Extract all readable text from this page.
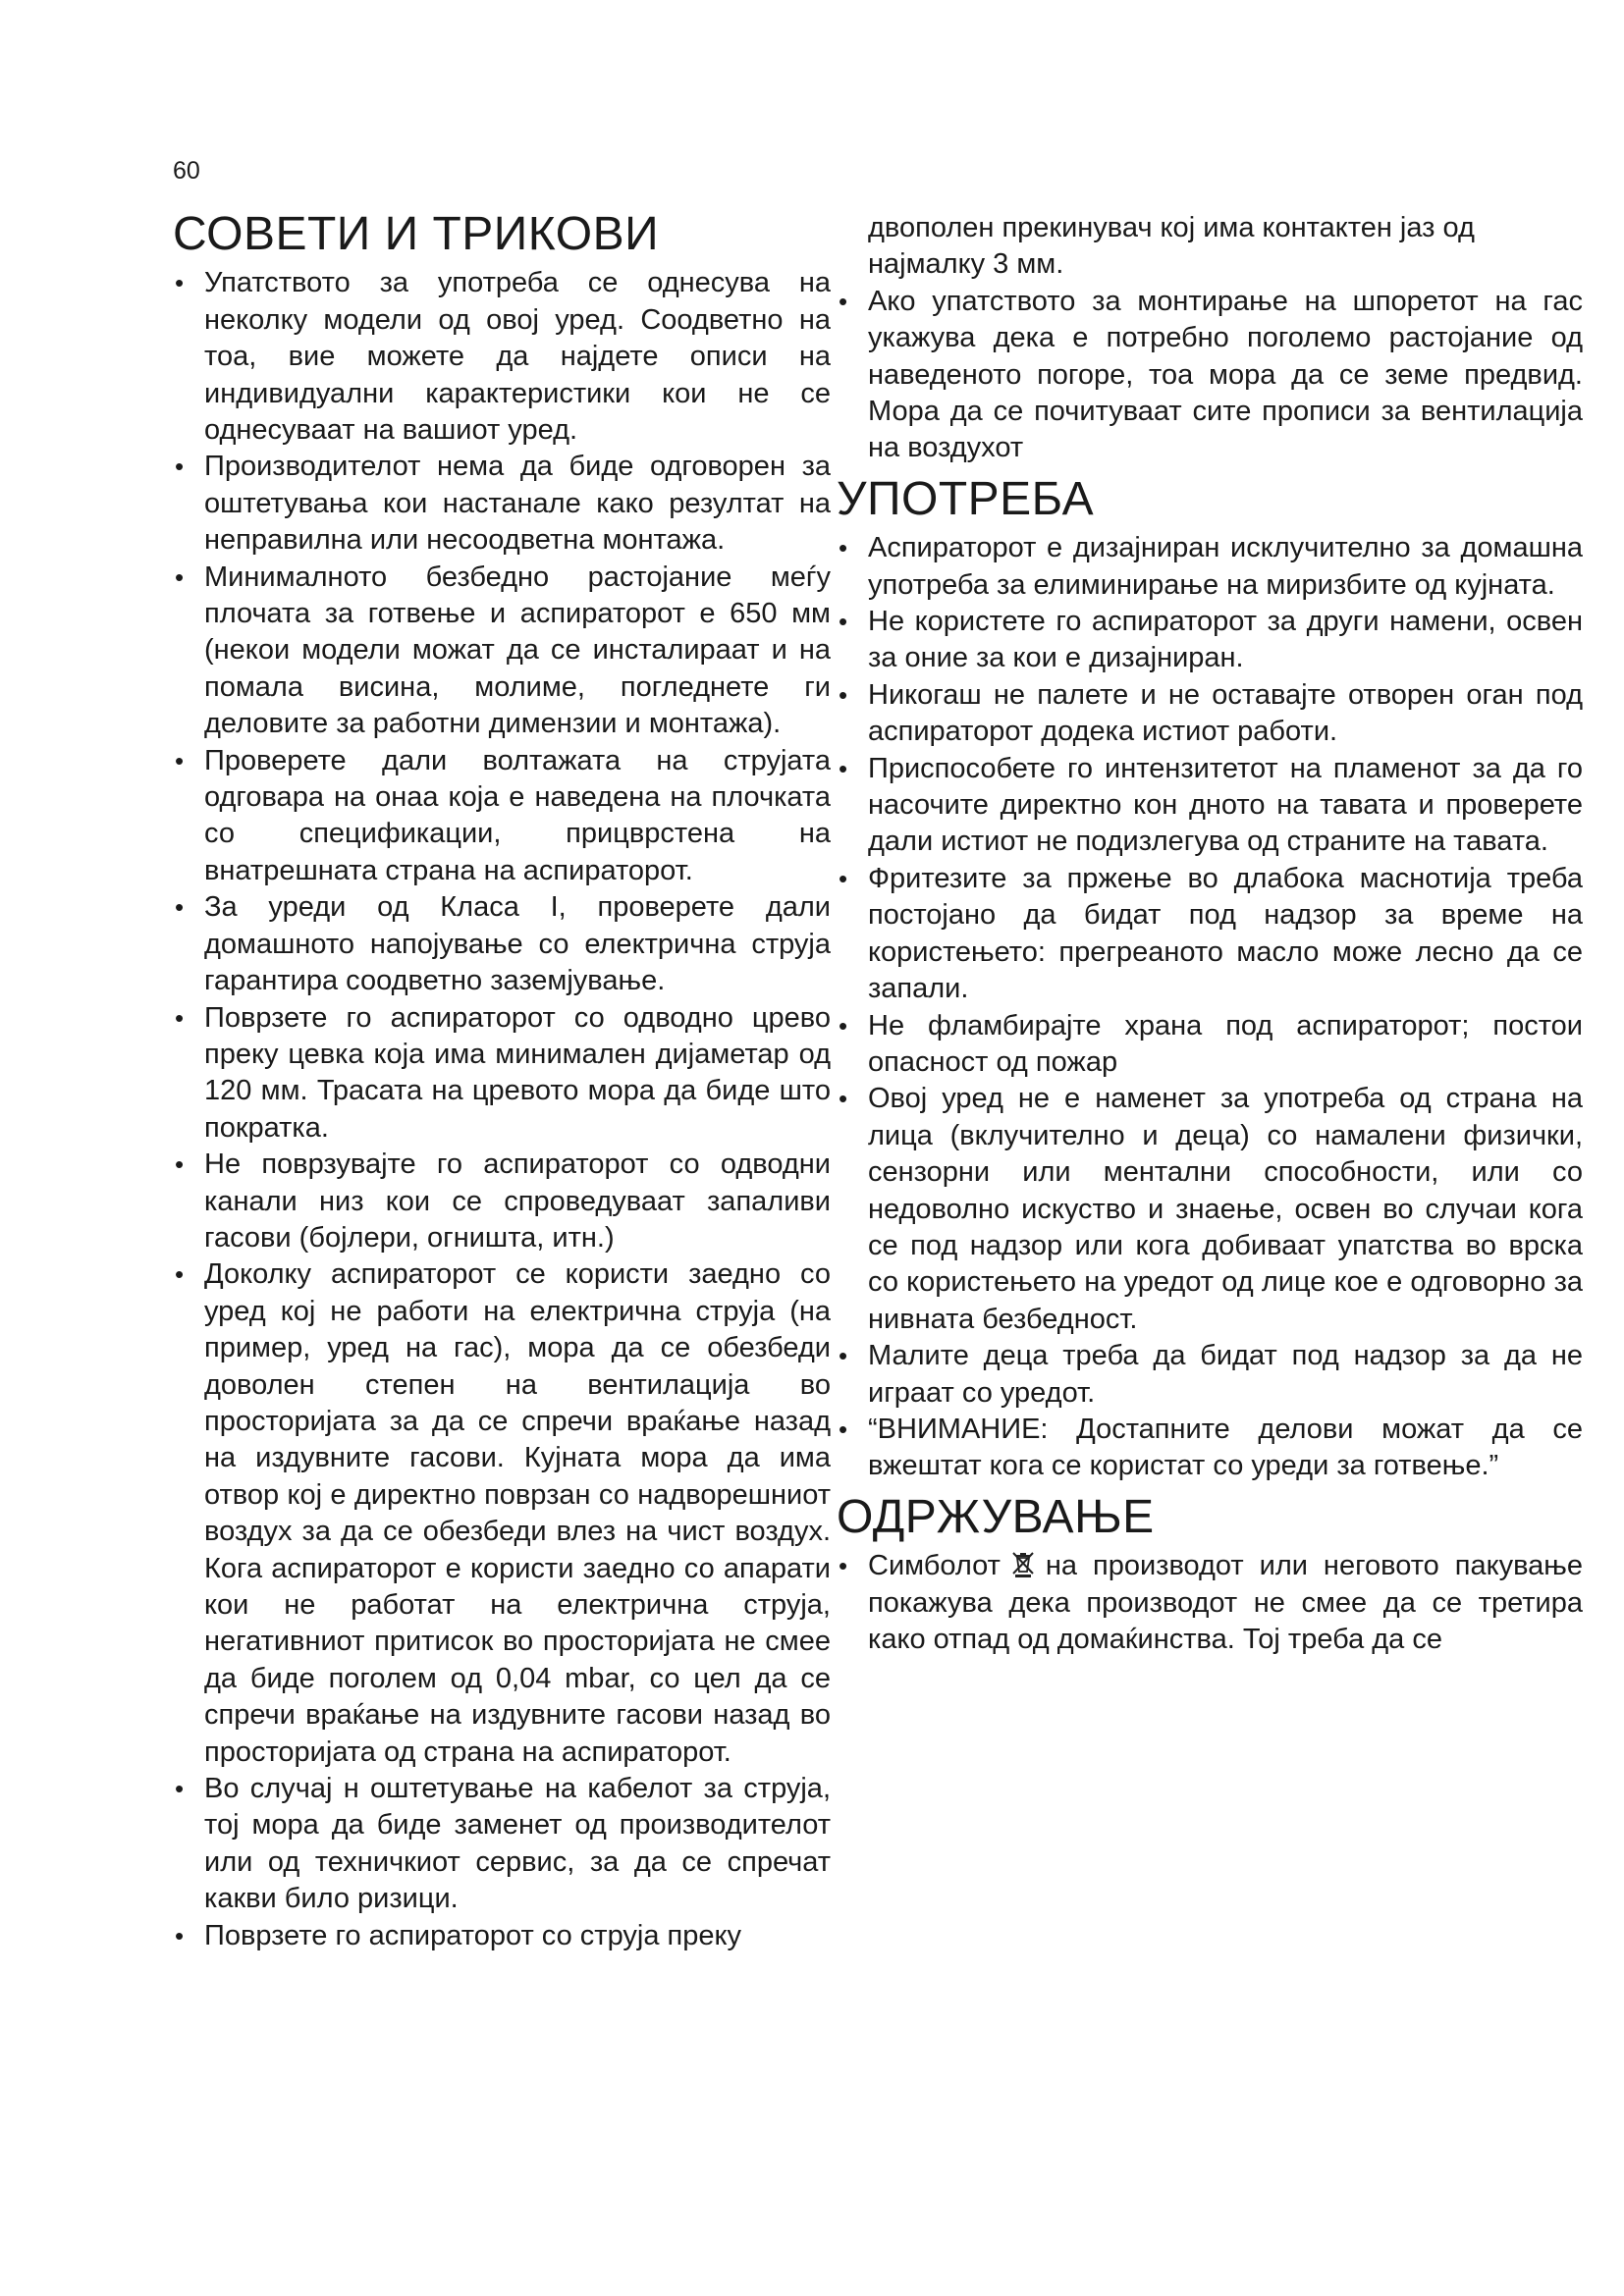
60
СОВЕТИ И ТРИКОВИ
• Упатството за употреба се однесува на неколку модели од овој уред. Соодветно на тоа, вие можете да најдете описи на индивидуални карактеристики кои не се однесуваат на вашиот уред.
• Производителот нема да биде одговорен за оштетувања кои настанале како резултат на неправилна или несоодветна монтажа.
• Минималното безбедно растојание меѓу плочата за готвење и аспираторот е 650 мм (некои модели можат да се инсталираат и на помала висина, молиме, погледнете ги деловите за работни димензии и монтажа).
• Проверете дали волтажата на струјата одговара на онаа која е наведена на плочката со спецификации, прицврстена на внатрешната страна на аспираторот.
• За уреди од Класа I, проверете дали домашното напојување со електрична струја гарантира соодветно заземјување.
• Поврзете го аспираторот со одводно црево преку цевка која има минимален дијаметар од 120 мм. Трасата на цревото мора да биде што пократка.
• Не поврзувајте го аспираторот со одводни канали низ кои се спроведуваат запаливи гасови (бојлери, огништа, итн.)
• Доколку аспираторот се користи заедно со уред кој не работи на електрична струја (на пример, уред на гас), мора да се обезбеди доволен степен на вентилација во просторијата за да се спречи враќање назад на издувните гасови. Кујната мора да има отвор кој е директно поврзан со надворешниот воздух за да се обезбеди влез на чист воздух. Кога аспираторот е користи заедно со апарати кои не работат на електрична струја, негативниот притисок во просторијата не смее да биде поголем од 0,04 mbar, со цел да се спречи враќање на издувните гасови назад во просторијата од страна на аспираторот.
• Во случај н оштетување на кабелот за струја, тој мора да биде заменет од производителот или од техничкиот сервис, за да се спречат какви било ризици.
• Поврзете го аспираторот со струја преку

двополен прекинувач кој има контактен јаз од најмалку 3 мм.

• Ако упатството за монтирање на шпоретот на гас укажува дека е потребно поголемо растојание од наведеното погоре, тоа мора да се земе предвид. Мора да се почитуваат сите прописи за вентилација на воздухот
УПОТРЕБА
• Аспираторот е дизајниран исклучително за домашна употреба за елиминирање на миризбите од кујната.
• Не користете го аспираторот за други намени, освен за оние за кои е дизајниран.
• Никогаш не палете и не оставајте отворен оган под аспираторот додека истиот работи.
• Приспособете го интензитетот на пламенот за да го насочите директно кон дното на тавата и проверете дали истиот не подизлегува од страните на тавата.
• Фритезите за пржење во длабока маснотија треба постојано да бидат под надзор за време на користењето: прегреаното масло може лесно да се запали.
• Не фламбирајте храна под аспираторот; постои опасност од пожар
• Овој уред не е наменет за употреба од страна на лица (вклучително и деца) со намалени физички, сензорни или ментални способности, или со недоволно искуство и знаење, освен во случаи кога се под надзор или кога добиваат упатства во врска со користењето на уредот од лице кое е одговорно за нивната безбедност.
• Малите деца треба да бидат под надзор за да не играат со уредот.
• “ВНИМАНИЕ: Достапните делови можат да се вжештат кога се користат со уреди за готвење.”
ОДРЖУВАЊЕ
• Симболот на производот или неговото пакување покажува дека производот не смее да се третира како отпад од домаќинства. Тој треба да се
